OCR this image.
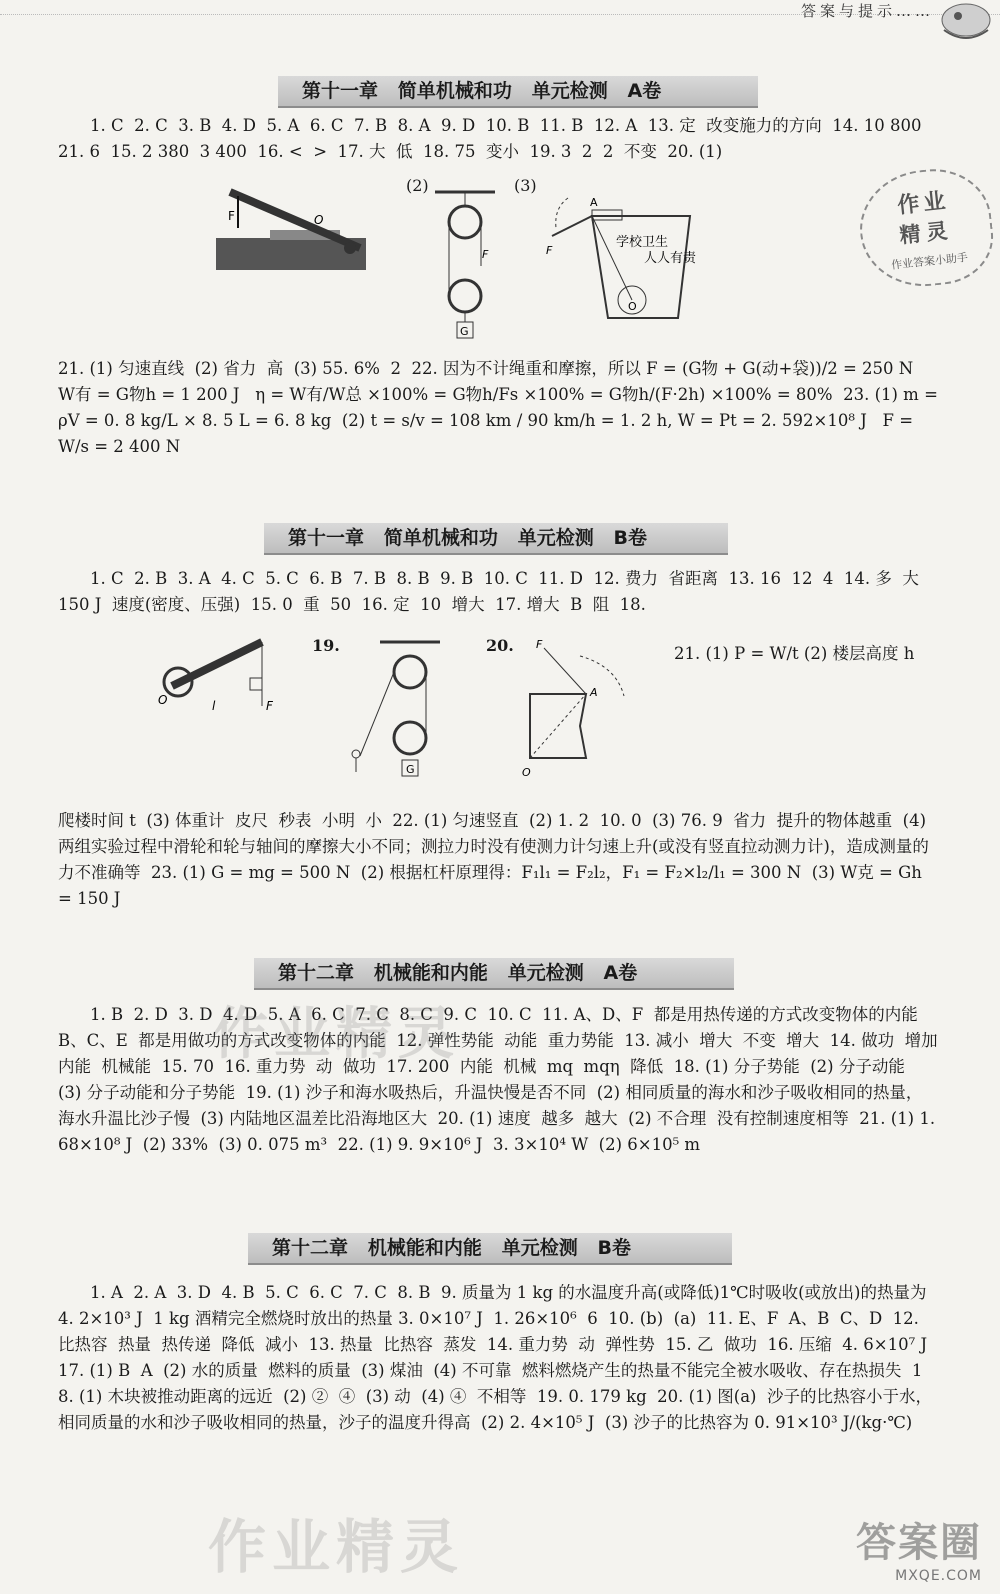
答案与提示……
第十一章   简单机械和功   单元检测   A卷
1. C  2. C  3. B  4. D  5. A  6. C  7. B  8. A  9. D  10. B  11. B  12. A  13. 定  改变施力的方向  14. 10 800  21. 6  15. 2 380  3 400  16. <  >  17. 大  低  18. 75  变小  19. 3  2  2  不变  20. (1)
F	O
(2)
G
F
(3)
F
A
O
学校卫生
人人有责
作业
精灵
作业答案小助手
21. (1) 匀速直线  (2) 省力  高  (3) 55. 6%  2  22. 因为不计绳重和摩擦，所以 F = (G物 + G(动+袋))/2 = 250 N   W有 = G物h = 1 200 J   η = W有/W总 ×100% = G物h/Fs ×100% = G物h/(F·2h) ×100% = 80%  23. (1) m = ρV = 0. 8 kg/L × 8. 5 L = 6. 8 kg  (2) t = s/v = 108 km / 90 km/h = 1. 2 h, W = Pt = 2. 592×10⁸ J   F = W/s = 2 400 N
第十一章   简单机械和功   单元检测   B卷
1. C  2. B  3. A  4. C  5. C  6. B  7. B  8. B  9. B  10. C  11. D  12. 费力  省距离  13. 16  12  4  14. 多  大  150 J  速度(密度、压强)  15. 0  重  50  16. 定  10  增大  17. 增大  B  阻  18.
O	l	F
19.
G
20. F
A
O
21. (1) P = W/t (2) 楼层高度 h
爬楼时间 t  (3) 体重计  皮尺  秒表  小明  小  22. (1) 匀速竖直  (2) 1. 2  10. 0  (3) 76. 9  省力  提升的物体越重  (4) 两组实验过程中滑轮和轮与轴间的摩擦大小不同；测拉力时没有使测力计匀速上升(或没有竖直拉动测力计)，造成测量的力不准确等  23. (1) G = mg = 500 N  (2) 根据杠杆原理得：F₁l₁ = F₂l₂，F₁ = F₂×l₂/l₁ = 300 N  (3) W克 = Gh = 150 J
第十二章   机械能和内能   单元检测   A卷
1. B  2. D  3. D  4. D  5. A  6. C  7. C  8. C  9. C  10. C  11. A、D、F  都是用热传递的方式改变物体的内能  B、C、E  都是用做功的方式改变物体的内能  12. 弹性势能  动能  重力势能  13. 减小  增大  不变  增大  14. 做功  增加  内能  机械能  15. 70  16. 重力势  动  做功  17. 200  内能  机械  mq  mqη  降低  18. (1) 分子势能  (2) 分子动能  (3) 分子动能和分子势能  19. (1) 沙子和海水吸热后，升温快慢是否不同  (2) 相同质量的海水和沙子吸收相同的热量，海水升温比沙子慢  (3) 内陆地区温差比沿海地区大  20. (1) 速度  越多  越大  (2) 不合理  没有控制速度相等  21. (1) 1. 68×10⁸ J  (2) 33%  (3) 0. 075 m³  22. (1) 9. 9×10⁶ J  3. 3×10⁴ W  (2) 6×10⁵ m
作业精灵
第十二章   机械能和内能   单元检测   B卷
1. A  2. A  3. D  4. B  5. C  6. C  7. C  8. B  9. 质量为 1 kg 的水温度升高(或降低)1℃时吸收(或放出)的热量为 4. 2×10³ J  1 kg 酒精完全燃烧时放出的热量 3. 0×10⁷ J  1. 26×10⁶  6  10. (b)  (a)  11. E、F  A、B  C、D  12. 比热容  热量  热传递  降低  减小  13. 热量  比热容  蒸发  14. 重力势  动  弹性势  15. 乙  做功  16. 压缩  4. 6×10⁷ J  17. (1) B  A  (2) 水的质量  燃料的质量  (3) 煤油  (4) 不可靠  燃料燃烧产生的热量不能完全被水吸收、存在热损失  18. (1) 木块被推动距离的远近  (2) ②  ④  (3) 动  (4) ④  不相等  19. 0. 179 kg  20. (1) 图(a)  沙子的比热容小于水，相同质量的水和沙子吸收相同的热量，沙子的温度升得高  (2) 2. 4×10⁵ J  (3) 沙子的比热容为 0. 91×10³ J/(kg·℃)
作业精灵	答案圈
MXQE.COM
